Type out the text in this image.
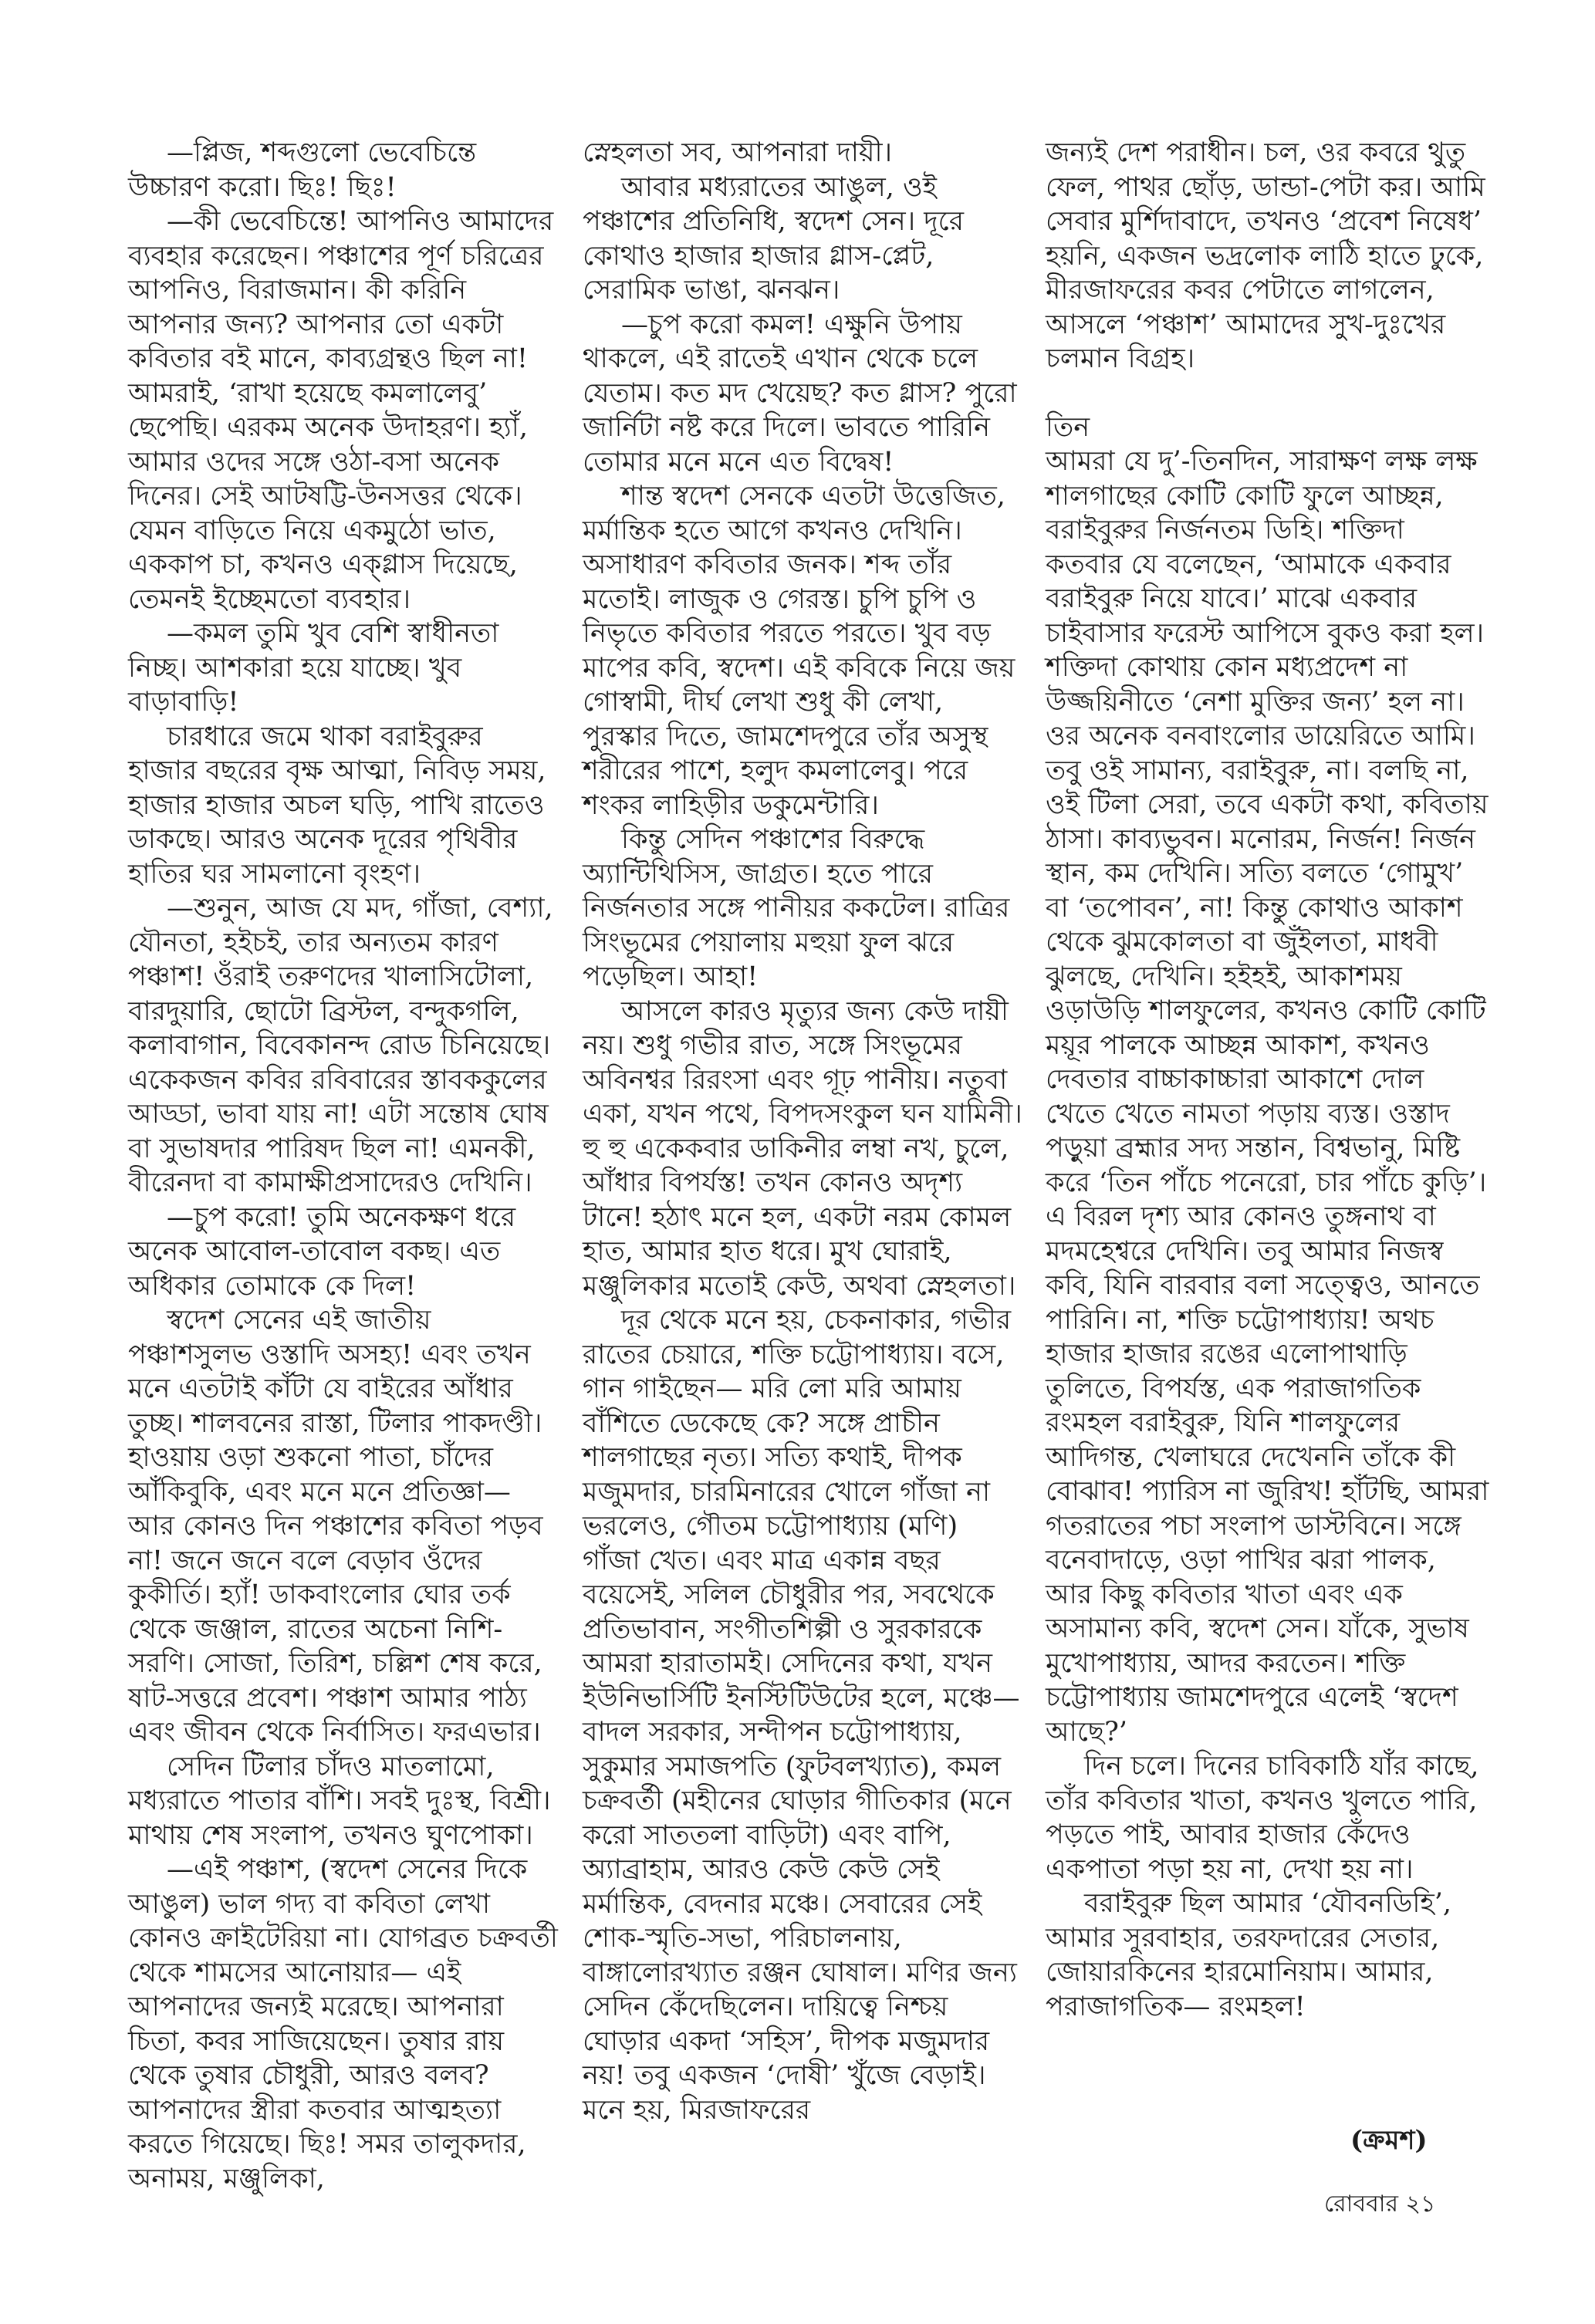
—প্লিজ, শব্দগুলো ভেবেচিন্তে উচ্চারণ করো। ছিঃ! ছিঃ!

—কী ভেবেচিন্তে! আপনিও আমাদের ব্যবহার করেছেন। পঞ্চাশের পূর্ণ চরিত্রের আপনিও, বিরাজমান। কী করিনি আপনার জন্য? আপনার তো একটা কবিতার বই মানে, কাব্যগ্রন্থও ছিল না! আমরাই, ‘রাখা হয়েছে কমলালেবু’ ছেপেছি। এরকম অনেক উদাহরণ। হ্যাঁ, আমার ওদের সঙ্গে ওঠা-বসা অনেক দিনের। সেই আটষট্টি-উনসত্তর থেকে। যেমন বাড়িতে নিয়ে একমুঠো ভাত, এককাপ চা, কখনও এক্‌গ্লাস দিয়েছে, তেমনই ইচ্ছেমতো ব্যবহার।

—কমল তুমি খুব বেশি স্বাধীনতা নিচ্ছ। আশকারা হয়ে যাচ্ছে। খুব বাড়াবাড়ি!

চারধারে জমে থাকা বরাইবুরুর হাজার বছরের বৃক্ষ আত্মা, নিবিড় সময়, হাজার হাজার অচল ঘড়ি, পাখি রাতেও ডাকছে। আরও অনেক দূরের পৃথিবীর হাতির ঘর সামলানো বৃংহণ।

—শুনুন, আজ যে মদ, গাঁজা, বেশ্যা, যৌনতা, হইচই, তার অন্যতম কারণ পঞ্চাশ! ওঁরাই তরুণদের খালাসিটোলা, বারদুয়ারি, ছোটো ব্রিস্টল, বন্দুকগলি, কলাবাগান, বিবেকানন্দ রোড চিনিয়েছে। একেকজন কবির রবিবারের স্তাবককুলের আড্ডা, ভাবা যায় না! এটা সন্তোষ ঘোষ বা সুভাষদার পারিষদ ছিল না! এমনকী, বীরেনদা বা কামাক্ষীপ্রসাদেরও দেখিনি।

—চুপ করো! তুমি অনেকক্ষণ ধরে অনেক আবোল-তাবোল বকছ। এত অধিকার তোমাকে কে দিল!

স্বদেশ সেনের এই জাতীয় পঞ্চাশসুলভ ওস্তাদি অসহ্য! এবং তখন মনে এতটাই কাঁটা যে বাইরের আঁধার তুচ্ছ। শালবনের রাস্তা, টিলার পাকদণ্ডী। হাওয়ায় ওড়া শুকনো পাতা, চাঁদের আঁকিবুকি, এবং মনে মনে প্রতিজ্ঞা— আর কোনও দিন পঞ্চাশের কবিতা পড়ব না! জনে জনে বলে বেড়াব ওঁদের কুকীর্তি। হ্যাঁ! ডাকবাংলোর ঘোর তর্ক থেকে জঞ্জাল, রাতের অচেনা নিশি-সরণি। সোজা, তিরিশ, চল্লিশ শেষ করে, ষাট-সত্তরে প্রবেশ। পঞ্চাশ আমার পাঠ্য এবং জীবন থেকে নির্বাসিত। ফরএভার।

সেদিন টিলার চাঁদও মাতলামো, মধ্যরাতে পাতার বাঁশি। সবই দুঃস্থ, বিশ্রী। মাথায় শেষ সংলাপ, তখনও ঘুণপোকা।

—এই পঞ্চাশ, (স্বদেশ সেনের দিকে আঙুল) ভাল গদ্য বা কবিতা লেখা কোনও ক্রাইটেরিয়া না। যোগব্রত চক্রবর্তী থেকে শামসের আনোয়ার— এই আপনাদের জন্যই মরেছে। আপনারা চিতা, কবর সাজিয়েছেন। তুষার রায় থেকে তুষার চৌধুরী, আরও বলব? আপনাদের স্ত্রীরা কতবার আত্মহত্যা করতে গিয়েছে। ছিঃ! সমর তালুকদার, অনাময়, মঞ্জুলিকা,

স্নেহলতা সব, আপনারা দায়ী।

আবার মধ্যরাতের আঙুল, ওই পঞ্চাশের প্রতিনিধি, স্বদেশ সেন। দূরে কোথাও হাজার হাজার গ্লাস-প্লেট, সেরামিক ভাঙা, ঝনঝন।

—চুপ করো কমল! এক্ষুনি উপায় থাকলে, এই রাতেই এখান থেকে চলে যেতাম। কত মদ খেয়েছ? কত গ্লাস? পুরো জার্নিটা নষ্ট করে দিলে। ভাবতে পারিনি তোমার মনে মনে এত বিদ্বেষ!

শান্ত স্বদেশ সেনকে এতটা উত্তেজিত, মর্মান্তিক হতে আগে কখনও দেখিনি। অসাধারণ কবিতার জনক। শব্দ তাঁর মতোই। লাজুক ও গেরস্ত। চুপি চুপি ও নিভৃতে কবিতার পরতে পরতে। খুব বড় মাপের কবি, স্বদেশ। এই কবিকে নিয়ে জয় গোস্বামী, দীর্ঘ লেখা শুধু কী লেখা, পুরস্কার দিতে, জামশেদপুরে তাঁর অসুস্থ শরীরের পাশে, হলুদ কমলালেবু। পরে শংকর লাহিড়ীর ডকুমেন্টারি।

কিন্তু সেদিন পঞ্চাশের বিরুদ্ধে অ্যান্টিথিসিস, জাগ্রত। হতে পারে নির্জনতার সঙ্গে পানীয়র ককটেল। রাত্রির সিংভূমের পেয়ালায় মহুয়া ফুল ঝরে পড়েছিল। আহা!

আসলে কারও মৃত্যুর জন্য কেউ দায়ী নয়। শুধু গভীর রাত, সঙ্গে সিংভূমের অবিনশ্বর রিরংসা এবং গূঢ় পানীয়। নতুবা একা, যখন পথে, বিপদসংকুল ঘন যামিনী। হু হু একেকবার ডাকিনীর লম্বা নখ, চুলে, আঁধার বিপর্যস্ত! তখন কোনও অদৃশ্য টানে! হঠাৎ মনে হল, একটা নরম কোমল হাত, আমার হাত ধরে। মুখ ঘোরাই, মঞ্জুলিকার মতোই কেউ, অথবা স্নেহলতা।

দূর থেকে মনে হয়, চেকনাকার, গভীর রাতের চেয়ারে, শক্তি চট্টোপাধ্যায়। বসে, গান গাইছেন— মরি লো মরি আমায় বাঁশিতে ডেকেছে কে? সঙ্গে প্রাচীন শালগাছের নৃত্য। সত্যি কথাই, দীপক মজুমদার, চারমিনারের খোলে গাঁজা না ভরলেও, গৌতম চট্টোপাধ্যায় (মণি) গাঁজা খেত। এবং মাত্র একান্ন বছর বয়েসেই, সলিল চৌধুরীর পর, সবথেকে প্রতিভাবান, সংগীতশিল্পী ও সুরকারকে আমরা হারাতামই। সেদিনের কথা, যখন ইউনিভার্সিটি ইনস্টিটিউটের হলে, মঞ্চে— বাদল সরকার, সন্দীপন চট্টোপাধ্যায়, সুকুমার সমাজপতি (ফুটবলখ্যাত), কমল চক্রবর্তী (মহীনের ঘোড়ার গীতিকার (মনে করো সাততলা বাড়িটা) এবং বাপি, অ্যাব্রাহাম, আরও কেউ কেউ সেই মর্মান্তিক, বেদনার মঞ্চে। সেবারের সেই শোক-স্মৃতি-সভা, পরিচালনায়, বাঙ্গালোরখ্যাত রঞ্জন ঘোষাল। মণির জন্য সেদিন কেঁদেছিলেন। দায়িত্বে নিশ্চয় ঘোড়ার একদা ‘সহিস’, দীপক মজুমদার নয়! তবু একজন ‘দোষী’ খুঁজে বেড়াই। মনে হয়, মিরজাফরের

জন্যই দেশ পরাধীন। চল, ওর কবরে থুতু ফেল, পাথর ছোঁড়, ডান্ডা-পেটা কর। আমি সেবার মুর্শিদাবাদে, তখনও ‘প্রবেশ নিষেধ’ হয়নি, একজন ভদ্রলোক লাঠি হাতে ঢুকে, মীরজাফরের কবর পেটাতে লাগলেন, আসলে ‘পঞ্চাশ’ আমাদের সুখ-দুঃখের চলমান বিগ্রহ।

তিন

আমরা যে দু’-তিনদিন, সারাক্ষণ লক্ষ লক্ষ শালগাছের কোটি কোটি ফুলে আচ্ছন্ন, বরাইবুরুর নির্জনতম ডিহি। শক্তিদা কতবার যে বলেছেন, ‘আমাকে একবার বরাইবুরু নিয়ে যাবে।’ মাঝে একবার চাইবাসার ফরেস্ট আপিসে বুকও করা হল। শক্তিদা কোথায় কোন মধ্যপ্রদেশ না উজ্জয়িনীতে ‘নেশা মুক্তির জন্য’ হল না। ওর অনেক বনবাংলোর ডায়েরিতে আমি। তবু ওই সামান্য, বরাইবুরু, না। বলছি না, ওই টিলা সেরা, তবে একটা কথা, কবিতায় ঠাসা। কাব্যভুবন। মনোরম, নির্জন! নির্জন স্থান, কম দেখিনি। সত্যি বলতে ‘গোমুখ’ বা ‘তপোবন’, না! কিন্তু কোথাও আকাশ থেকে ঝুমকোলতা বা জুঁইলতা, মাধবী ঝুলছে, দেখিনি। হইহই, আকাশময় ওড়াউড়ি শালফুলের, কখনও কোটি কোটি ময়ূর পালকে আচ্ছন্ন আকাশ, কখনও দেবতার বাচ্চাকাচ্চারা আকাশে দোল খেতে খেতে নামতা পড়ায় ব্যস্ত। ওস্তাদ পড়ুয়া ব্রহ্মার সদ্য সন্তান, বিশ্বভানু, মিষ্টি করে ‘তিন পাঁচে পনেরো, চার পাঁচে কুড়ি’। এ বিরল দৃশ্য আর কোনও তুঙ্গনাথ বা মদমহেশ্বরে দেখিনি। তবু আমার নিজস্ব কবি, যিনি বারবার বলা সত্ত্বেও, আনতে পারিনি। না, শক্তি চট্টোপাধ্যায়! অথচ হাজার হাজার রঙের এলোপাথাড়ি তুলিতে, বিপর্যস্ত, এক পরাজাগতিক রংমহল বরাইবুরু, যিনি শালফুলের আদিগন্ত, খেলাঘরে দেখেননি তাঁকে কী বোঝাব! প্যারিস না জুরিখ! হাঁটছি, আমরা গতরাতের পচা সংলাপ ডাস্টবিনে। সঙ্গে বনেবাদাড়ে, ওড়া পাখির ঝরা পালক, আর কিছু কবিতার খাতা এবং এক অসামান্য কবি, স্বদেশ সেন। যাঁকে, সুভাষ মুখোপাধ্যায়, আদর করতেন। শক্তি চট্টোপাধ্যায় জামশেদপুরে এলেই ‘স্বদেশ আছে?’

দিন চলে। দিনের চাবিকাঠি যাঁর কাছে, তাঁর কবিতার খাতা, কখনও খুলতে পারি, পড়তে পাই, আবার হাজার কেঁদেও একপাতা পড়া হয় না, দেখা হয় না।

বরাইবুরু ছিল আমার ‘যৌবনডিহি’, আমার সুরবাহার, তরফদারের সেতার, জোয়ারকিনের হারমোনিয়াম। আমার, পরাজাগতিক— রংমহল!

(ক্রমশ)
রোববার ২১
